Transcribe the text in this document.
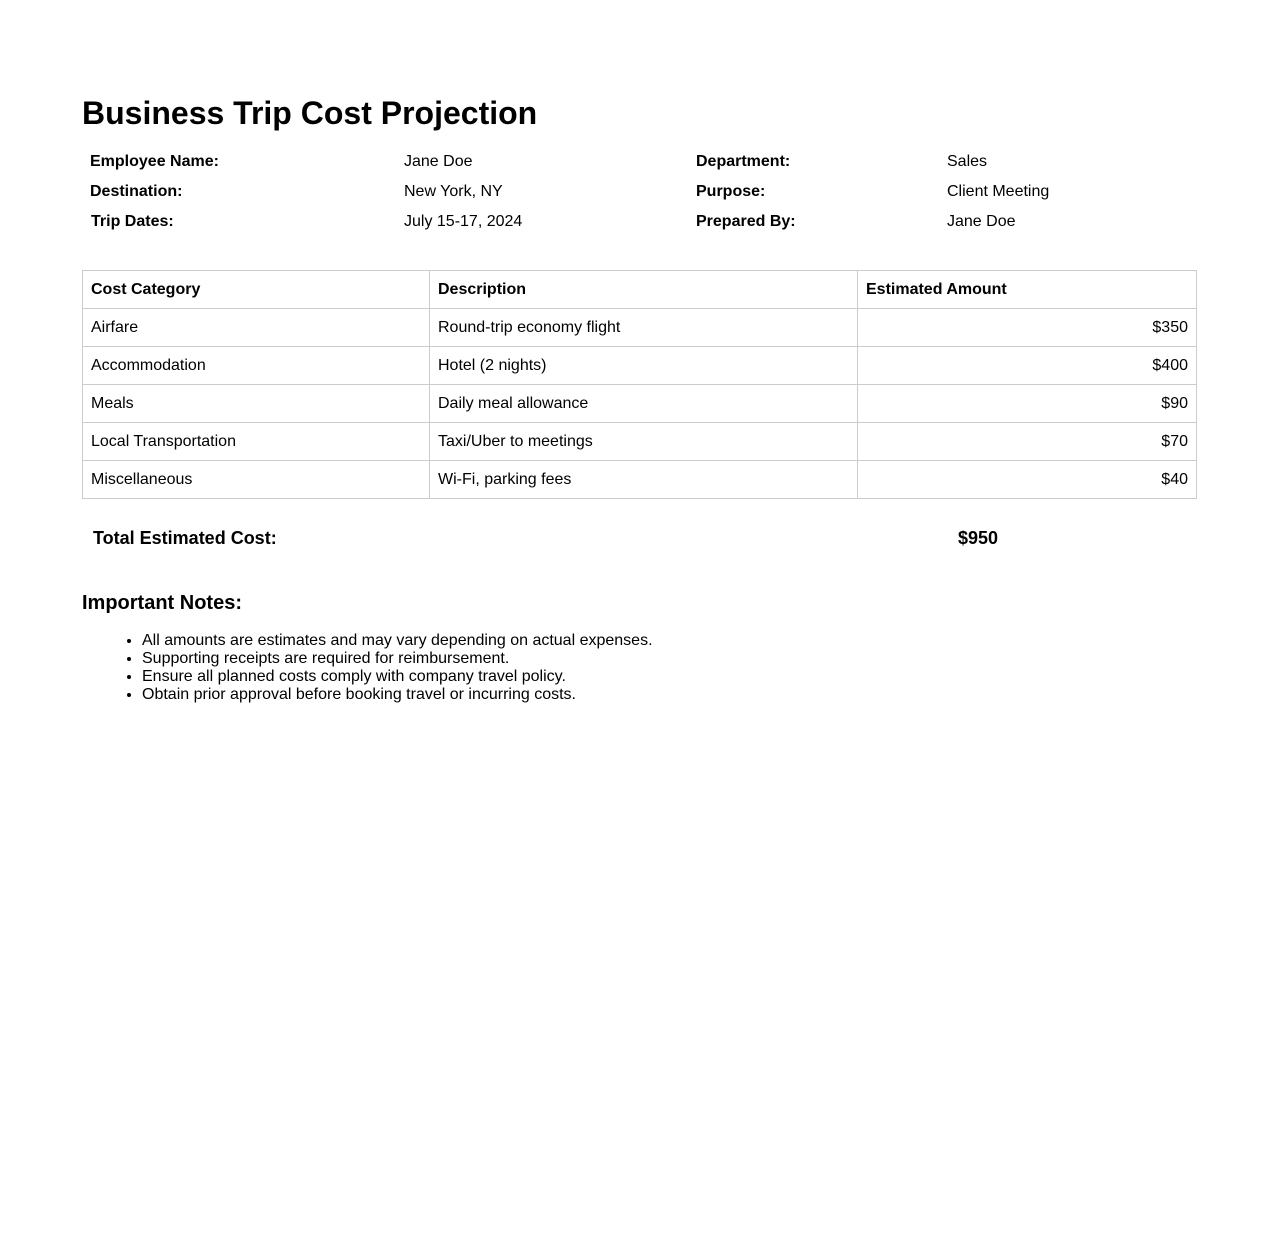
Business Trip Cost Projection
Employee Name:	Jane Doe	Department:	Sales
Destination:	New York, NY	Purpose:	Client Meeting
Trip Dates:	July 15-17, 2024	Prepared By:	Jane Doe
Cost Category	Description	Estimated Amount
Airfare	Round-trip economy flight	$350
Accommodation	Hotel (2 nights)	$400
Meals	Daily meal allowance	$90
Local Transportation	Taxi/Uber to meetings	$70
Miscellaneous	Wi-Fi, parking fees	$40
Total Estimated Cost:	$950
Important Notes:
• All amounts are estimates and may vary depending on actual expenses.
• Supporting receipts are required for reimbursement.
• Ensure all planned costs comply with company travel policy.
• Obtain prior approval before booking travel or incurring costs.
